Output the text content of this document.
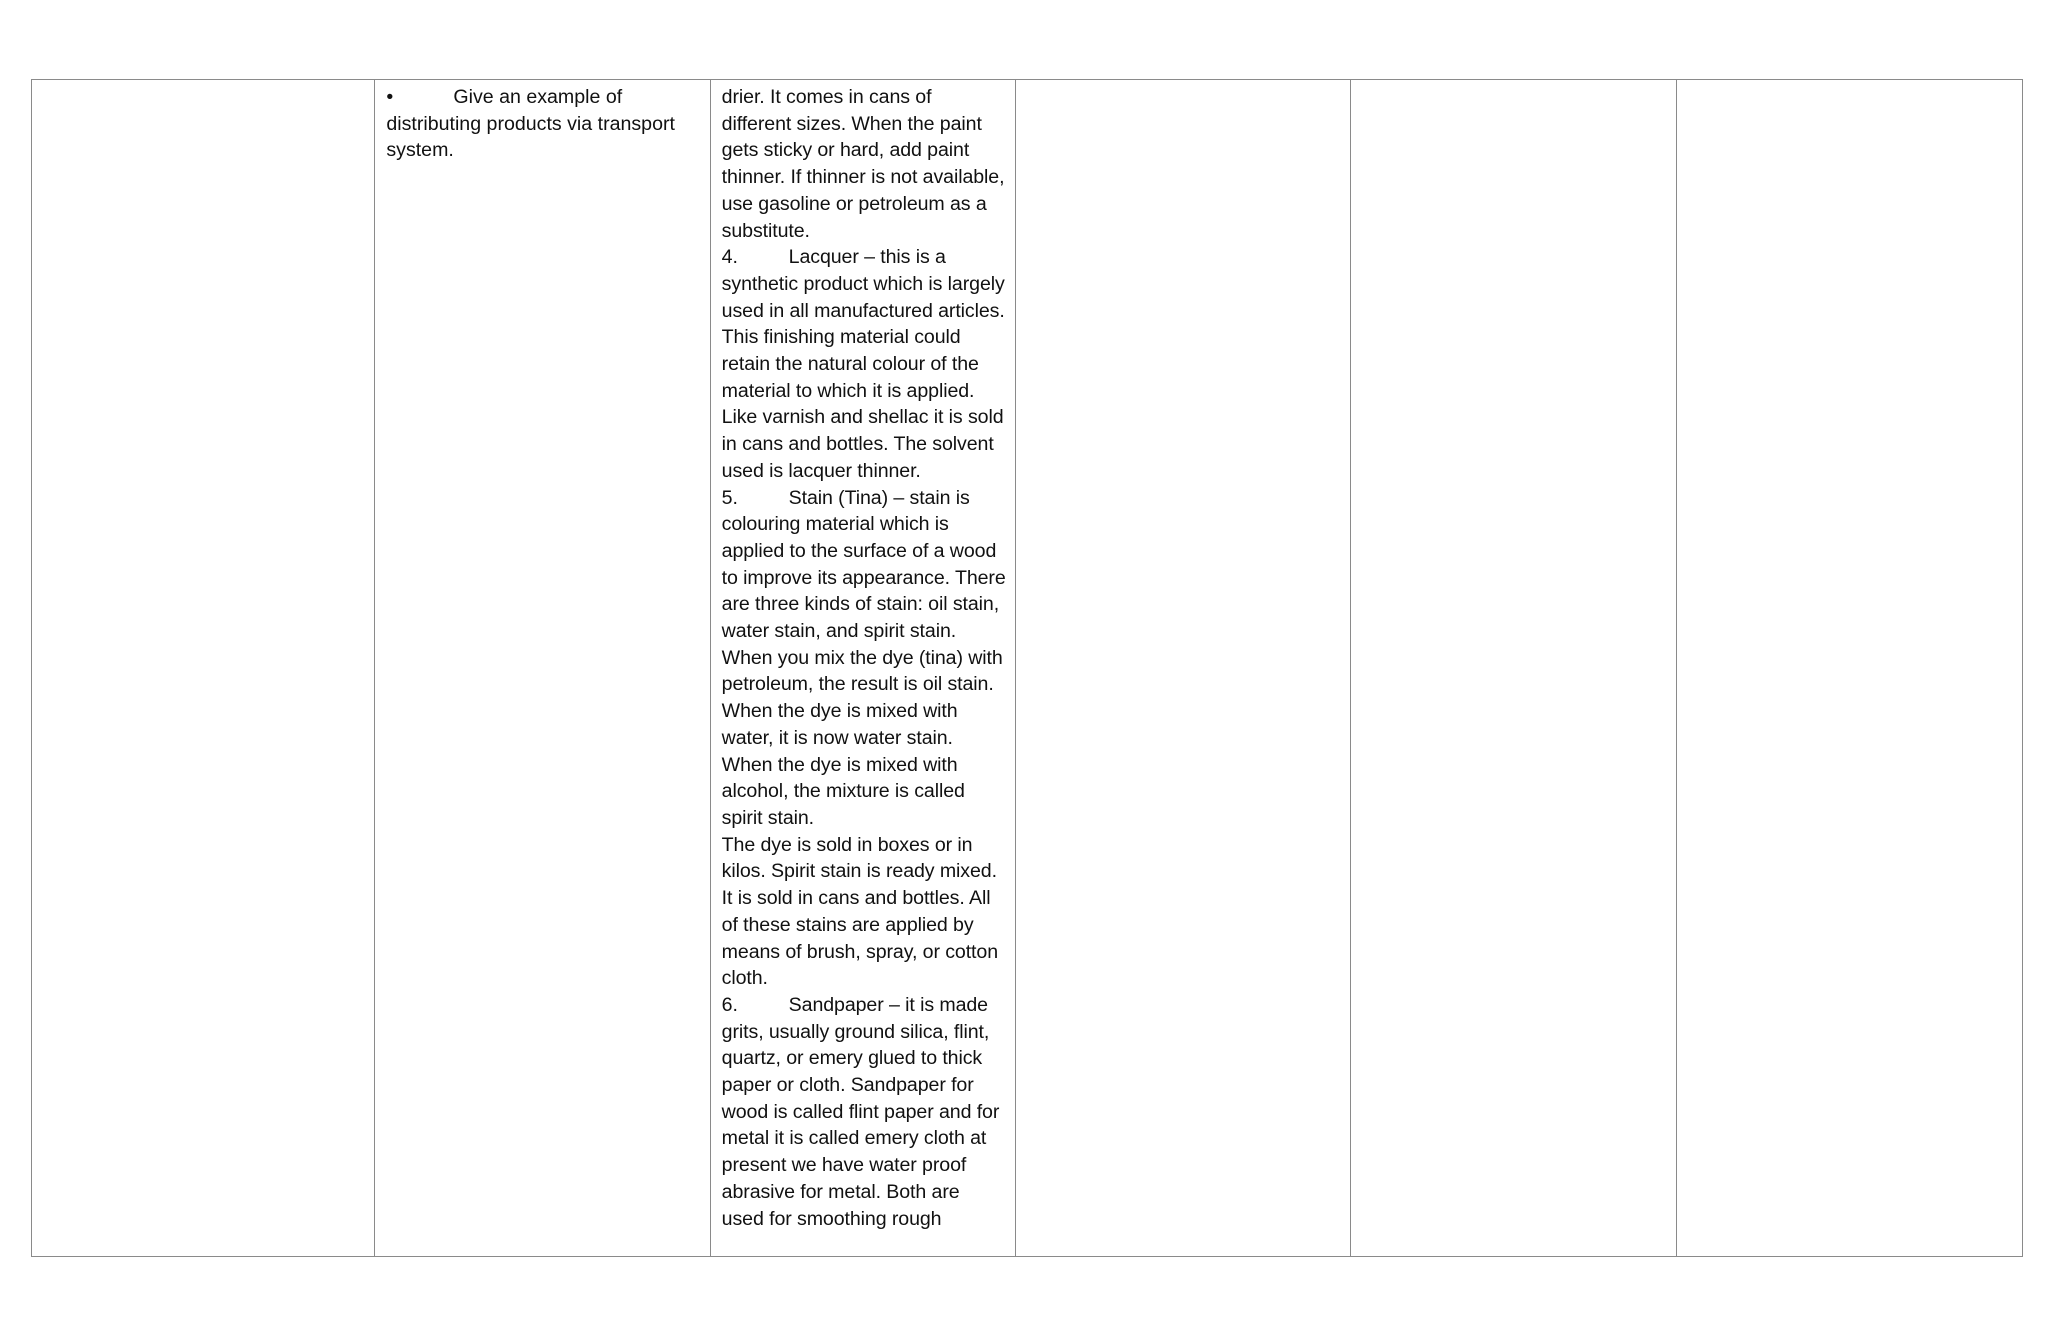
•	Give an example of distributing products via transport system.

drier. It comes in cans of different sizes. When the paint gets sticky or hard, add paint thinner. If thinner is not available, use gasoline or petroleum as a substitute.
4.	Lacquer – this is a synthetic product which is largely used in all manufactured articles. This finishing material could retain the natural colour of the material to which it is applied. Like varnish and shellac it is sold in cans and bottles. The solvent used is lacquer thinner.
5.	Stain (Tina) – stain is colouring material which is applied to the surface of a wood to improve its appearance. There are three kinds of stain: oil stain, water stain, and spirit stain.
When you mix the dye (tina) with petroleum, the result is oil stain. When the dye is mixed with water, it is now water stain. When the dye is mixed with alcohol, the mixture is called spirit stain.
The dye is sold in boxes or in kilos. Spirit stain is ready mixed. It is sold in cans and bottles. All of these stains are applied by means of brush, spray, or cotton cloth.
6.	Sandpaper – it is made grits, usually ground silica, flint, quartz, or emery glued to thick paper or cloth. Sandpaper for wood is called flint paper and for metal it is called emery cloth at present we have water proof abrasive for metal. Both are used for smoothing rough
